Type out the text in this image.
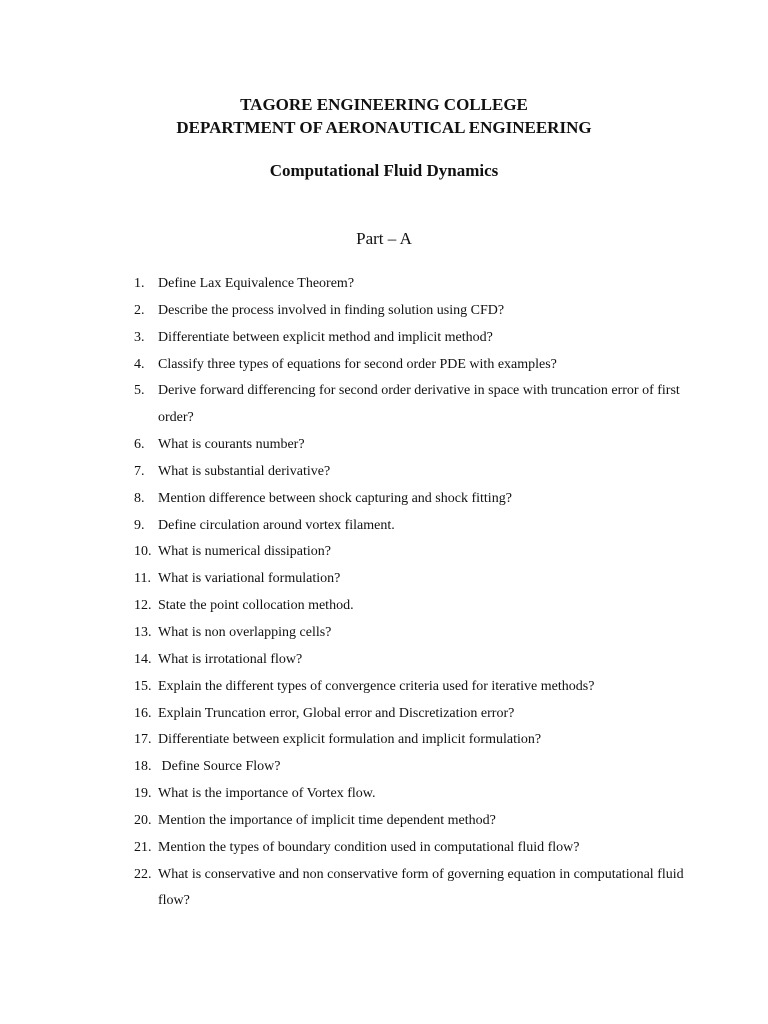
TAGORE ENGINEERING COLLEGE
DEPARTMENT OF AERONAUTICAL ENGINEERING
Computational Fluid Dynamics
Part – A
1. Define Lax Equivalence Theorem?
2. Describe the process involved in finding solution using CFD?
3. Differentiate between explicit method and implicit method?
4. Classify three types of equations for second order PDE with examples?
5. Derive forward differencing for second order derivative in space with truncation error of first order?
6. What is courants number?
7. What is substantial derivative?
8. Mention difference between shock capturing and shock fitting?
9. Define circulation around vortex filament.
10. What is numerical dissipation?
11. What is variational formulation?
12. State the point collocation method.
13. What is non overlapping cells?
14. What is irrotational flow?
15. Explain the different types of convergence criteria used for iterative methods?
16. Explain Truncation error, Global error and Discretization error?
17. Differentiate between explicit formulation and implicit formulation?
18. Define Source Flow?
19. What is the importance of Vortex flow.
20. Mention the importance of implicit time dependent method?
21. Mention the types of boundary condition used in computational fluid flow?
22. What is conservative and non conservative form of governing equation in computational fluid flow?
